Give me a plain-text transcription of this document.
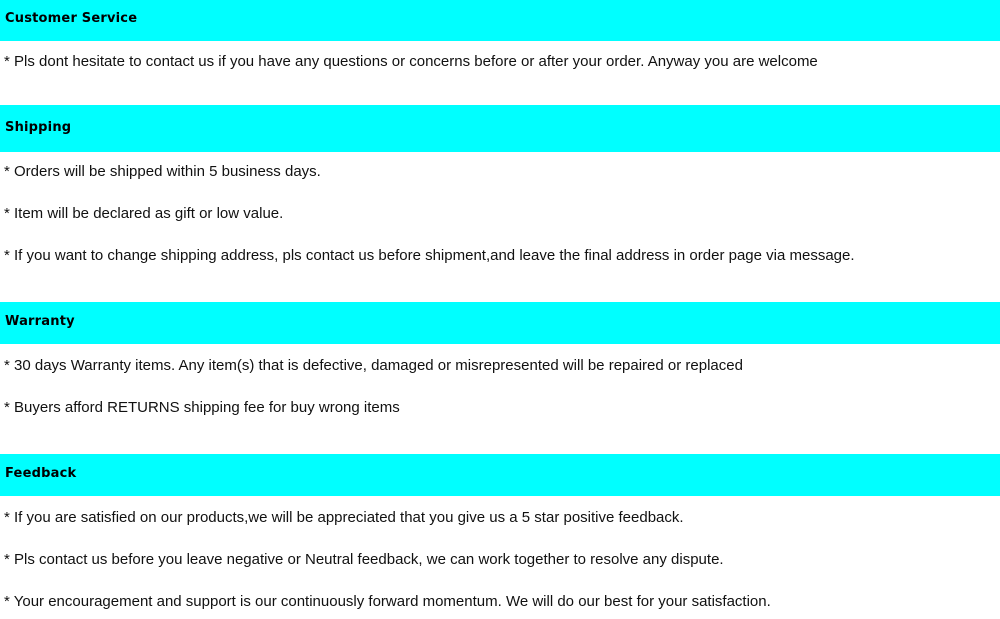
Customer Service
* Pls dont hesitate to contact us if you have any questions or concerns before or after your order. Anyway you are welcome
Shipping
* Orders will be shipped within 5 business days.
* Item will be declared as gift or low value.
* If you want to change shipping address, pls contact us before shipment,and leave the final address in order page via message.
Warranty
* 30 days Warranty items. Any item(s) that is defective, damaged or misrepresented will be repaired or replaced
* Buyers afford RETURNS shipping fee for buy wrong items
Feedback
* If you are satisfied on our products,we will be appreciated that you give us a 5 star positive feedback.
* Pls contact us before you leave negative or Neutral feedback, we can work together to resolve any dispute.
* Your encouragement and support is our continuously forward momentum. We will do our best for your satisfaction.
